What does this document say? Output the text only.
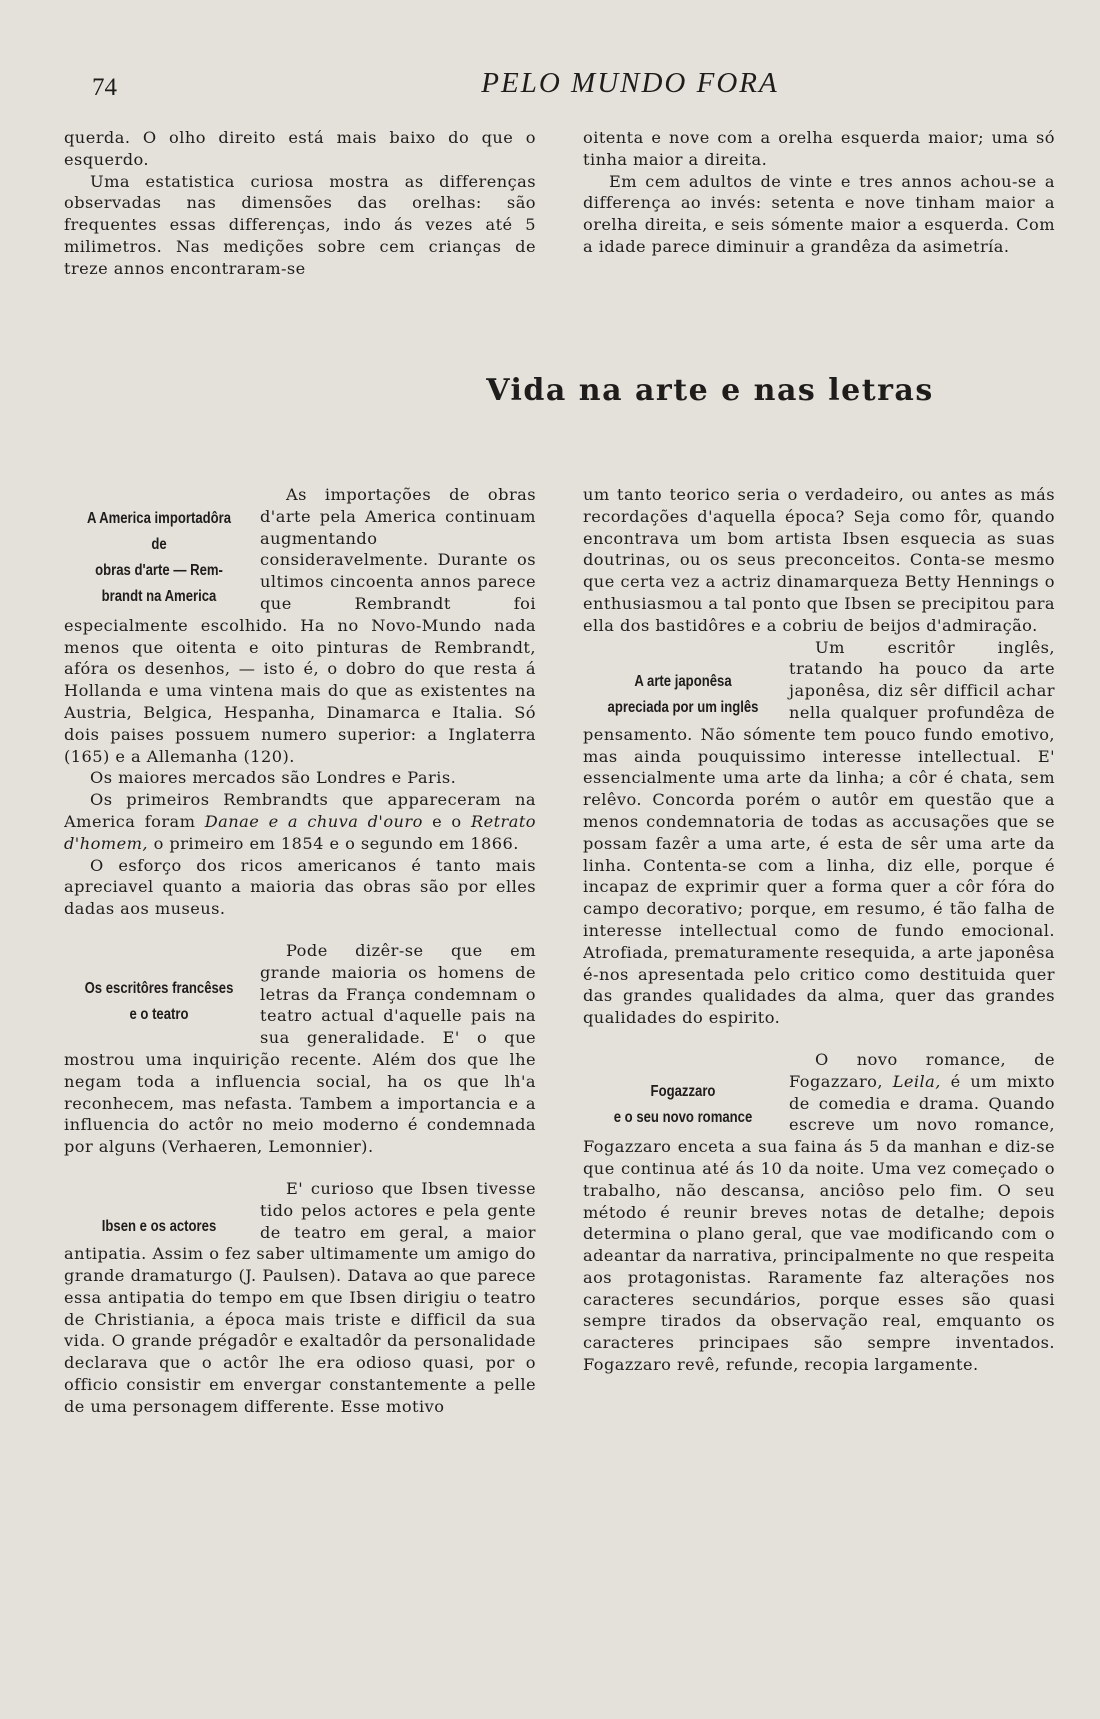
74	PELO MUNDO FORA

querda. O olho direito está mais baixo do que o esquerdo.

Uma estatistica curiosa mostra as differenças observadas nas dimensões das orelhas: são frequentes essas differenças, indo ás vezes até 5 milimetros. Nas medições sobre cem crianças de treze annos encontraram-se

oitenta e nove com a orelha esquerda maior; uma só tinha maior a direita.

Em cem adultos de vinte e tres annos achou-se a differença ao invés: setenta e nove tinham maior a orelha direita, e seis sómente maior a esquerda. Com a idade parece diminuir a grandêza da asimetría.

Vida na arte e nas letras
A America importadôra de
obras d'arte — Rem-
brandt na America

As importações de obras d'arte pela America continuam augmentando consideravelmente. Durante os ultimos cincoenta annos parece que Rembrandt foi especialmente escolhido. Ha no Novo-Mundo nada menos que oitenta e oito pinturas de Rembrandt, afóra os desenhos, — isto é, o dobro do que resta á Hollanda e uma vintena mais do que as existentes na Austria, Belgica, Hespanha, Dinamarca e Italia. Só dois paises possuem numero superior: a Inglaterra (165) e a Allemanha (120).

Os maiores mercados são Londres e Paris.

Os primeiros Rembrandts que appareceram na America foram Danae e a chuva d'ouro e o Retrato d'homem, o primeiro em 1854 e o segundo em 1866.

O esforço dos ricos americanos é tanto mais apreciavel quanto a maioria das obras são por elles dadas aos museus.

Os escritôres francêses
e o teatro

Pode dizêr-se que em grande maioria os homens de letras da França condemnam o teatro actual d'aquelle pais na sua generalidade. E' o que mostrou uma inquirição recente. Além dos que lhe negam toda a influencia social, ha os que lh'a reconhecem, mas nefasta. Tambem a importancia e a influencia do actôr no meio moderno é condemnada por alguns (Verhaeren, Lemonnier).

Ibsen e os actores

E' curioso que Ibsen tivesse tido pelos actores e pela gente de teatro em geral, a maior antipatia. Assim o fez saber ultimamente um amigo do grande dramaturgo (J. Paulsen). Datava ao que parece essa antipatia do tempo em que Ibsen dirigiu o teatro de Christiania, a época mais triste e difficil da sua vida. O grande prégadôr e exaltadôr da personalidade declarava que o actôr lhe era odioso quasi, por o officio consistir em envergar constantemente a pelle de uma personagem differente. Esse motivo

um tanto teorico seria o verdadeiro, ou antes as más recordações d'aquella época? Seja como fôr, quando encontrava um bom artista Ibsen esquecia as suas doutrinas, ou os seus preconceitos. Conta-se mesmo que certa vez a actriz dinamarqueza Betty Hennings o enthusiasmou a tal ponto que Ibsen se precipitou para ella dos bastidôres e a cobriu de beijos d'admiração.

A arte japonêsa
apreciada por um inglês

Um escritôr inglês, tratando ha pouco da arte japonêsa, diz sêr difficil achar nella qualquer profundêza de pensamento. Não sómente tem pouco fundo emotivo, mas ainda pouquissimo interesse intellectual. E' essencialmente uma arte da linha; a côr é chata, sem relêvo. Concorda porém o autôr em questão que a menos condemnatoria de todas as accusações que se possam fazêr a uma arte, é esta de sêr uma arte da linha. Contenta-se com a linha, diz elle, porque é incapaz de exprimir quer a forma quer a côr fóra do campo decorativo; porque, em resumo, é tão falha de interesse intellectual como de fundo emocional. Atrofiada, prematuramente resequida, a arte japonêsa é-nos apresentada pelo critico como destituida quer das grandes qualidades da alma, quer das grandes qualidades do espirito.

Fogazzaro
e o seu novo romance

O novo romance, de Fogazzaro, Leila, é um mixto de comedia e drama. Quando escreve um novo romance, Fogazzaro enceta a sua faina ás 5 da manhan e diz-se que continua até ás 10 da noite. Uma vez começado o trabalho, não descansa, anciôso pelo fim. O seu método é reunir breves notas de detalhe; depois determina o plano geral, que vae modificando com o adeantar da narrativa, principalmente no que respeita aos protagonistas. Raramente faz alterações nos caracteres secundários, porque esses são quasi sempre tirados da observação real, emquanto os caracteres principaes são sempre inventados. Fogazzaro revê, refunde, recopia largamente.
